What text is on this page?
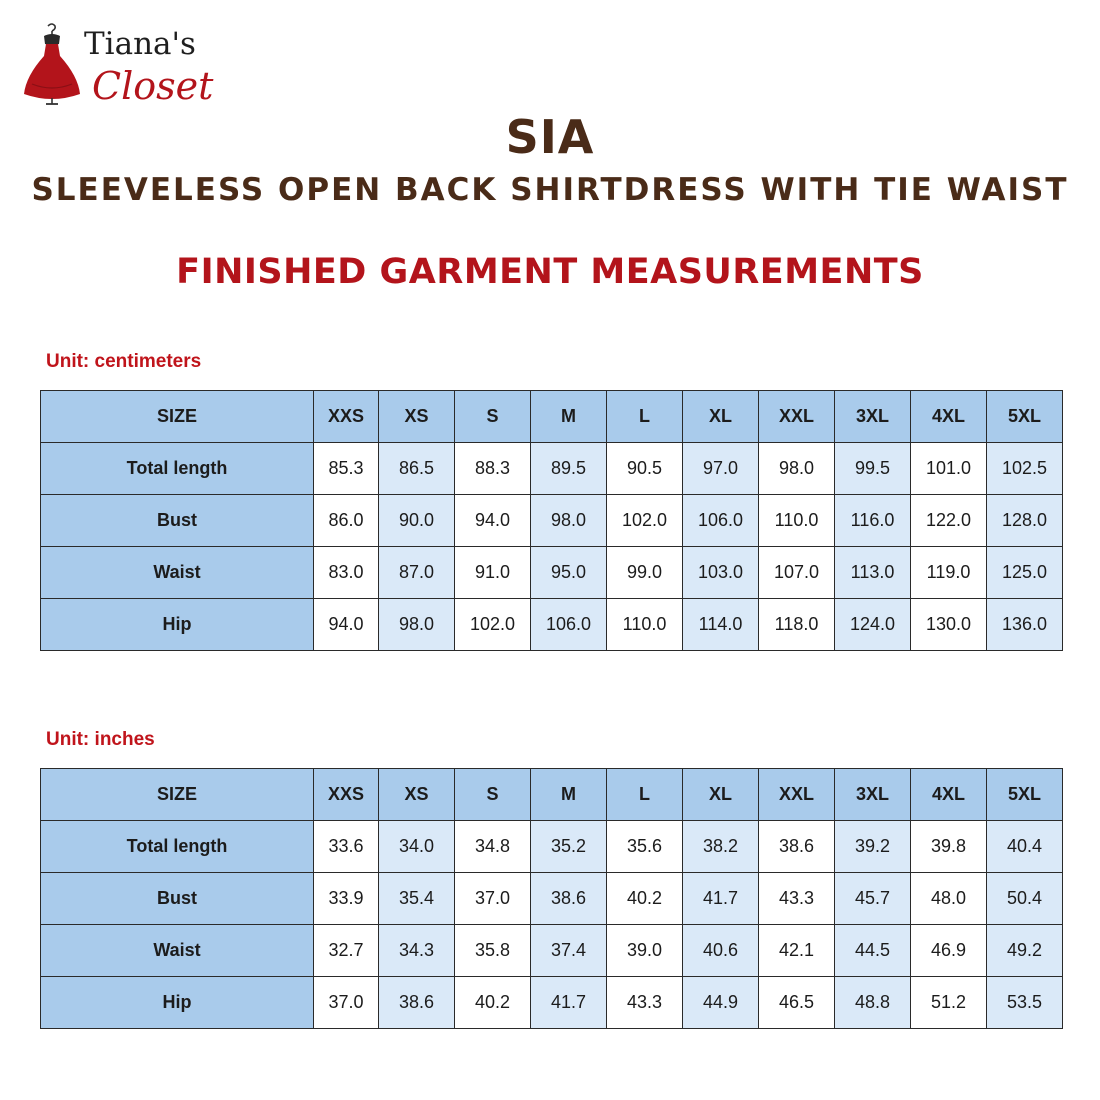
Tiana's
Closet
SIA
SLEEVELESS OPEN BACK SHIRTDRESS WITH TIE WAIST
FINISHED GARMENT MEASUREMENTS
Unit: centimeters
SIZE	XXS	XS	S	M	L	XL	XXL	3XL	4XL	5XL
Total length	85.3	86.5	88.3	89.5	90.5	97.0	98.0	99.5	101.0	102.5
Bust	86.0	90.0	94.0	98.0	102.0	106.0	110.0	116.0	122.0	128.0
Waist	83.0	87.0	91.0	95.0	99.0	103.0	107.0	113.0	119.0	125.0
Hip	94.0	98.0	102.0	106.0	110.0	114.0	118.0	124.0	130.0	136.0
Unit: inches
SIZE	XXS	XS	S	M	L	XL	XXL	3XL	4XL	5XL
Total length	33.6	34.0	34.8	35.2	35.6	38.2	38.6	39.2	39.8	40.4
Bust	33.9	35.4	37.0	38.6	40.2	41.7	43.3	45.7	48.0	50.4
Waist	32.7	34.3	35.8	37.4	39.0	40.6	42.1	44.5	46.9	49.2
Hip	37.0	38.6	40.2	41.7	43.3	44.9	46.5	48.8	51.2	53.5
